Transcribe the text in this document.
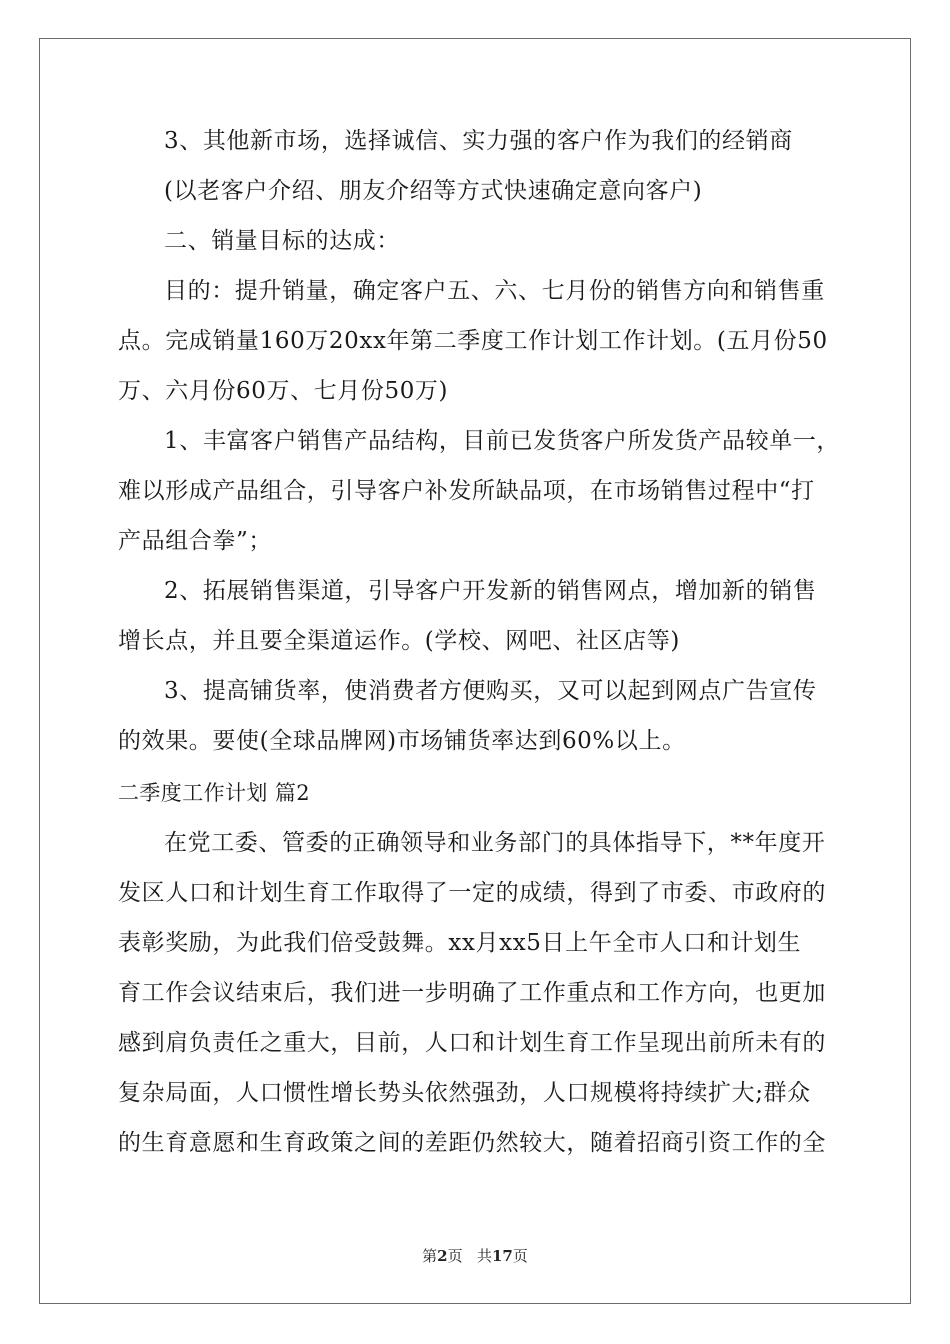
3、其他新市场，选择诚信、实力强的客户作为我们的经销商
(以老客户介绍、朋友介绍等方式快速确定意向客户)
二、销量目标的达成：
目的：提升销量，确定客户五、六、七月份的销售方向和销售重
点。完成销量160万20xx年第二季度工作计划工作计划。(五月份50
万、六月份60万、七月份50万)
1、丰富客户销售产品结构，目前已发货客户所发货产品较单一，
难以形成产品组合，引导客户补发所缺品项，在市场销售过程中“打
产品组合拳”；
2、拓展销售渠道，引导客户开发新的销售网点，增加新的销售
增长点，并且要全渠道运作。(学校、网吧、社区店等)
3、提高铺货率，使消费者方便购买，又可以起到网点广告宣传
的效果。要使(全球品牌网)市场铺货率达到60%以上。
二季度工作计划 篇2
在党工委、管委的正确领导和业务部门的具体指导下，**年度开
发区人口和计划生育工作取得了一定的成绩，得到了市委、市政府的
表彰奖励，为此我们倍受鼓舞。xx月xx5日上午全市人口和计划生
育工作会议结束后，我们进一步明确了工作重点和工作方向，也更加
感到肩负责任之重大，目前，人口和计划生育工作呈现出前所未有的
复杂局面，人口惯性增长势头依然强劲，人口规模将持续扩大;群众
的生育意愿和生育政策之间的差距仍然较大，随着招商引资工作的全
第2页 共17页
